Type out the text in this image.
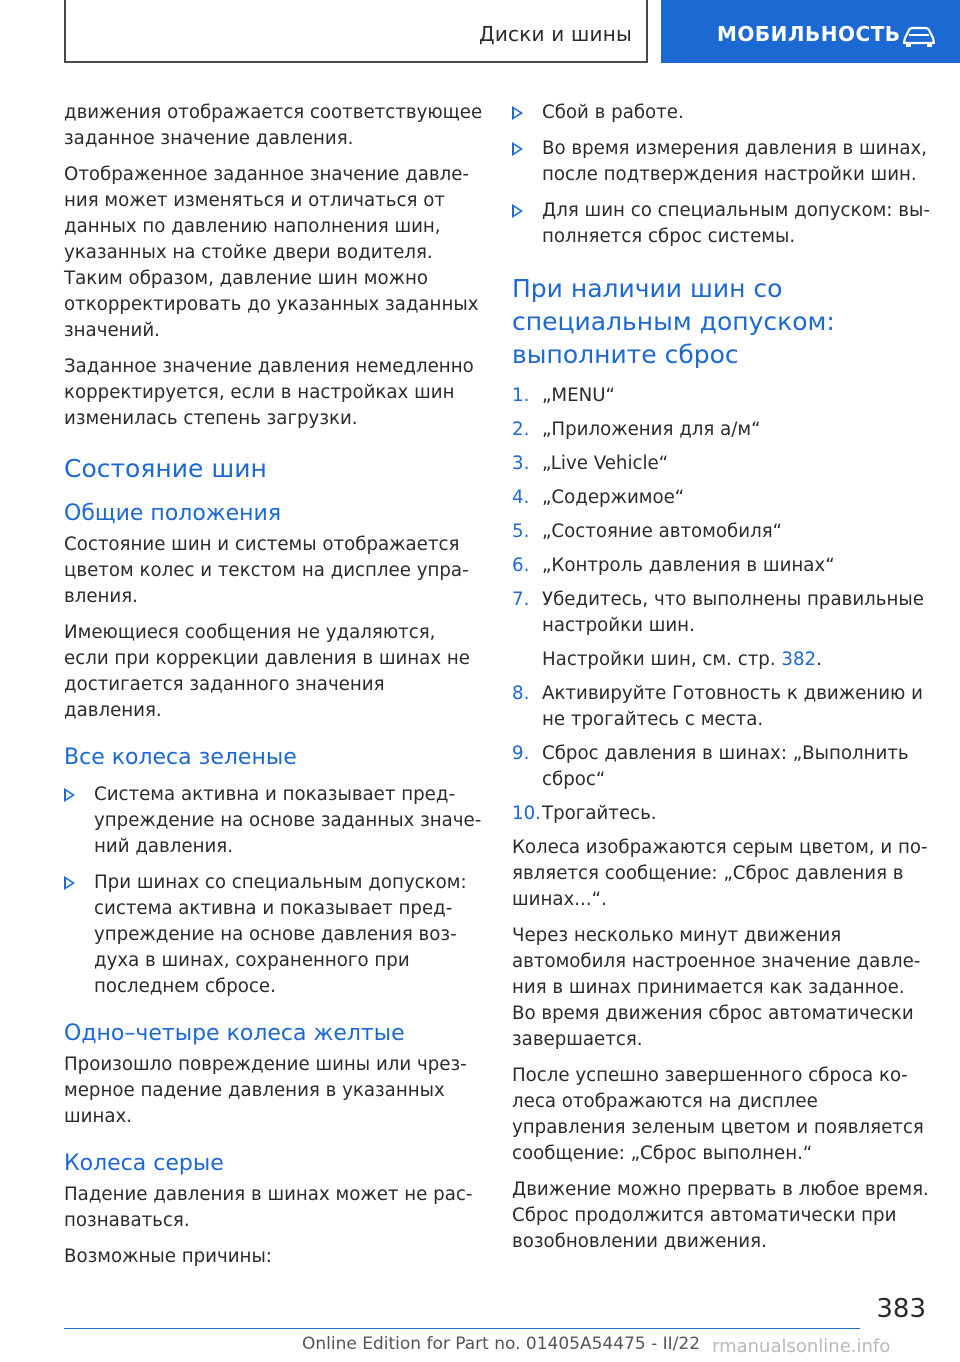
Диски и шины	МОБИЛЬНОСТЬ

движения отображается соответствующее заданное значение давления.

Отображенное заданное значение давления может изменяться и отличаться от данных по давлению наполнения шин, указанных на стойке двери водителя. Таким образом, давление шин можно откорректировать до указанных заданных значений.

Заданное значение давления немедленно корректируется, если в настройках шин изменилась степень загрузки.

Состояние шин
Общие положения

Состояние шин и системы отображается цветом колес и текстом на дисплее управления.

Имеющиеся сообщения не удаляются, если при коррекции давления в шинах не достигается заданного значения давления.

Все колеса зеленые
Система активна и показывает предупреждение на основе заданных значений давления.
При шинах со специальным допуском: система активна и показывает предупреждение на основе давления воздуха в шинах, сохраненного при последнем сбросе.
Одно–четыре колеса желтые

Произошло повреждение шины или чрезмерное падение давления в указанных шинах.

Колеса серые

Падение давления в шинах может не распознаваться.

Возможные причины:

Сбой в работе.
Во время измерения давления в шинах, после подтверждения настройки шин.
Для шин со специальным допуском: выполняется сброс системы.
При наличии шин со специальным допуском: выполните сброс
1. „MENU“
2. „Приложения для а/м“
3. „Live Vehicle“
4. „Содержимое“
5. „Состояние автомобиля“
6. „Контроль давления в шинах“
7. Убедитесь, что выполнены правильные настройки шин.
Настройки шин, см. стр. 382.
8. Активируйте Готовность к движению и не трогайтесь с места.
9. Сброс давления в шинах: „Выполнить сброс“
10. Трогайтесь.

Колеса изображаются серым цветом, и появляется сообщение: „Сброс давления в шинах...“.

Через несколько минут движения автомобиля настроенное значение давления в шинах принимается как заданное. Во время движения сброс автоматически завершается.

После успешно завершенного сброса колеса отображаются на дисплее управления зеленым цветом и появляется сообщение: „Сброс выполнен.“

Движение можно прервать в любое время. Сброс продолжится автоматически при возобновлении движения.

383
Online Edition for Part no. 01405A54475 - II/22 rmanualsonline.info
